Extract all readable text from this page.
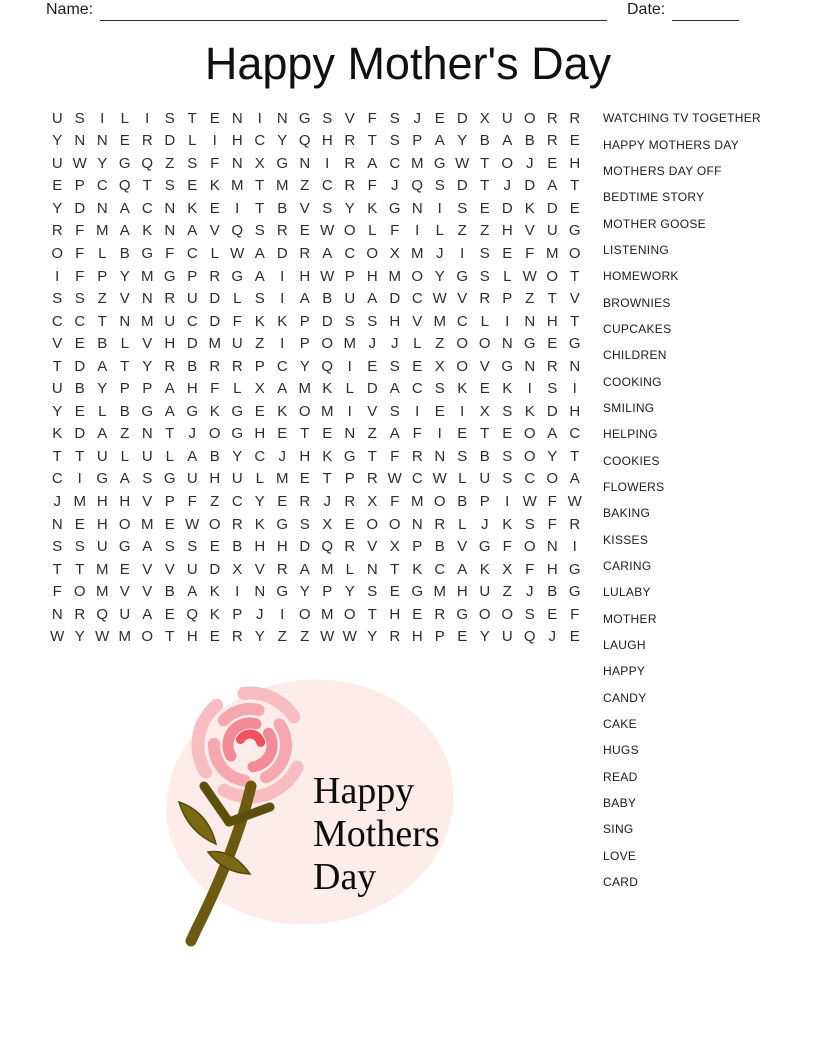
Name:	Date:
Happy Mother's Day
U S	I	L	I	S T E N I	N G S V F S J E D X U O R R
Y N N E R D L	I	H C Y Q H R T S P A Y B A B R E
U W Y G Q Z S F N X G N I	R A C M G W T O J E H
E P C Q T S E K M T M Z C R F J Q S D T J D A T
Y D N A C N K E	I	T B V S Y K G N I	S E D K D E
R F M A K N A V Q S R E W O L F	I	L Z Z H V U G
O F L B G F C L W A D R A C O X M J	I	S E F M O
I	F P Y M G P R G A	I	H W P H M O Y G S L W O T
S S Z V N R U D L S	I	A B U A D C W V R P Z T V
C C T N M U C D F K K P D S S H V M C L	I	N H T
V E B L V H D M U Z	I	P O M J	J L Z O O N G E G
T D A T Y R B R R P C Y Q I	E S E X O V G N R N
U B Y P P A H F L X A M K L D A C S K E K	I	S	I
Y E L B G A G K G E K O M I	V S	I	E	I	X S K D H
K D A Z N T J O G H E T E N Z A F	I	E T E O A C
T T U L U L A B Y C J H K G T F R N S B S O Y T
C I G A S G U H U L M E T P R W C W L U S C O A
J M H H V P F Z C Y E R J R X F M O B P	I W F W
N E H O M E W O R K G S X E O O N R L J K S F R
S S U G A S S E B H H D Q R V X P B V G F O N I
T T M E V V U D X V R A M L N T K C A K X F H G
F O M V V B A K	I	N G Y P Y S E G M H U Z J B G
N R Q U A E Q K P J	I O M O T H E R G O O S E F
W Y W M O T H E R Y Z Z W W Y R H P E Y U Q J E
WATCHING TV TOGETHER
HAPPY MOTHERS DAY
MOTHERS DAY OFF
BEDTIME STORY
MOTHER GOOSE
LISTENING
HOMEWORK
BROWNIES
CUPCAKES
CHILDREN
COOKING
SMILING
HELPING
COOKIES
FLOWERS
BAKING
KISSES
CARING
LULABY
MOTHER
LAUGH
HAPPY
CANDY
CAKE
HUGS
READ
BABY
SING
LOVE
CARD
Happy
Mothers
Day
